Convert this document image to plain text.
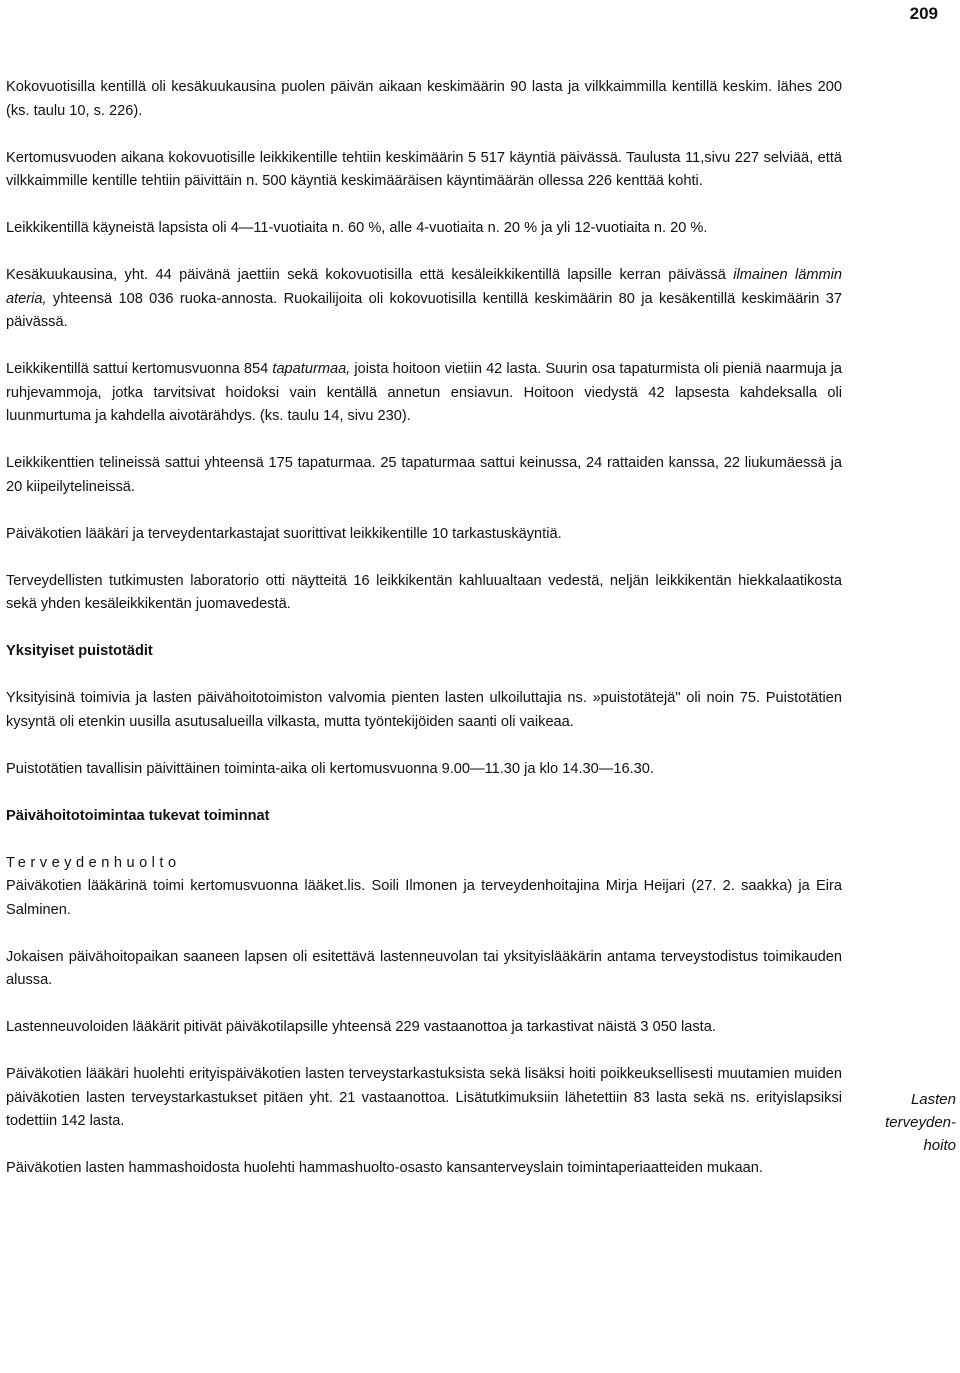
209

Kokovuotisilla kentillä oli kesäkuukausina puolen päivän aikaan keskimäärin 90 lasta ja vilkkaimmilla kentillä keskim. lähes 200 (ks. taulu 10, s. 226).

Kertomusvuoden aikana kokovuotisille leikkikentille tehtiin keskimäärin 5 517 käyntiä päivässä. Taulusta 11,sivu 227 selviää, että vilkkaimmille kentille tehtiin päivittäin n. 500 käyntiä keskimääräisen käyntimäärän ollessa 226 kenttää kohti.

Leikkikentillä käyneistä lapsista oli 4—11-vuotiaita n. 60 %, alle 4-vuotiaita n. 20 % ja yli 12-vuotiaita n. 20 %.

Kesäkuukausina, yht. 44 päivänä jaettiin sekä kokovuotisilla että kesäleikkikentillä lapsille kerran päivässä ilmainen lämmin ateria, yhteensä 108 036 ruoka-annosta. Ruokailijoita oli kokovuotisilla kentillä keskimäärin 80 ja kesäkentillä keskimäärin 37 päivässä.

Leikkikentillä sattui kertomusvuonna 854 tapaturmaa, joista hoitoon vietiin 42 lasta. Suurin osa tapaturmista oli pieniä naarmuja ja ruhjevammoja, jotka tarvitsivat hoidoksi vain kentällä annetun ensiavun. Hoitoon viedystä 42 lapsesta kahdeksalla oli luunmurtuma ja kahdella aivotärähdys. (ks. taulu 14, sivu 230).

Leikkikenttien telineissä sattui yhteensä 175 tapaturmaa. 25 tapaturmaa sattui keinussa, 24 rattaiden kanssa, 22 liukumäessä ja 20 kiipeilytelineissä.

Päiväkotien lääkäri ja terveydentarkastajat suorittivat leikkikentille 10 tarkastuskäyntiä.

Terveydellisten tutkimusten laboratorio otti näytteitä 16 leikkikentän kahluualtaan vedestä, neljän leikkikentän hiekkalaatikosta sekä yhden kesäleikkikentän juomavedestä.

Yksityiset puistotädit

Yksityisinä toimivia ja lasten päivähoitotoimiston valvomia pienten lasten ulkoiluttajia ns. »puistotätejä" oli noin 75. Puistotätien kysyntä oli etenkin uusilla asutusalueilla vilkasta, mutta työntekijöiden saanti oli vaikeaa.

Puistotätien tavallisin päivittäinen toiminta-aika oli kertomusvuonna 9.00—11.30 ja klo 14.30—16.30.

Päivähoitotoimintaa tukevat toiminnat
Terveydenhuolto

Päiväkotien lääkärinä toimi kertomusvuonna lääket.lis. Soili Ilmonen ja terveydenhoitajina Mirja Heijari (27. 2. saakka) ja Eira Salminen.

Jokaisen päivähoitopaikan saaneen lapsen oli esitettävä lastenneuvolan tai yksityislääkärin antama terveystodistus toimikauden alussa.

Lastenneuvoloiden lääkärit pitivät päiväkotilapsille yhteensä 229 vastaanottoa ja tarkastivat näistä 3 050 lasta.

Päiväkotien lääkäri huolehti erityispäiväkotien lasten terveystarkastuksista sekä lisäksi hoiti poikkeuksellisesti muutamien muiden päiväkotien lasten terveystarkastukset pitäen yht. 21 vastaanottoa. Lisätutkimuksiin lähetettiin 83 lasta sekä ns. erityislapsiksi todettiin 142 lasta.

Päiväkotien lasten hammashoidosta huolehti hammashuolto-osasto kansanterveyslain toimintaperiaatteiden mukaan.

Lasten
terveyden-
hoito
